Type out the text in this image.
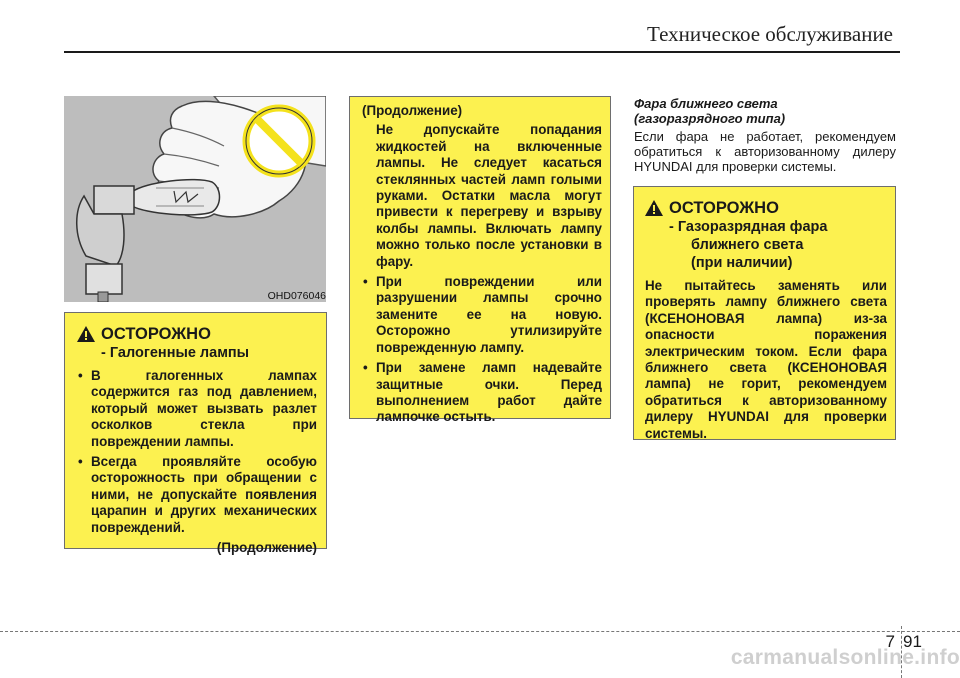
Техническое обслуживание
OHD076046
ОСТОРОЖНО
- Галогенные лампы
• В галогенных лампах содержится газ под давлением, который может вызвать разлет осколков стекла при повреждении лампы.
• Всегда проявляйте особую осторожность при обращении с ними, не допускайте появления царапин и других механических повреждений.
(Продолжение)
(Продолжение)
Не допускайте попадания жидкостей на включенные лампы. Не следует касаться стеклянных частей ламп голыми руками. Остатки масла могут привести к перегреву и взрыву колбы лампы. Включать лампу можно только после установки в фару.
• При повреждении или разрушении лампы срочно замените ее на новую. Осторожно утилизируйте поврежденную лампу.
• При замене ламп надевайте защитные очки. Перед выполнением работ дайте лампочке остыть.
Фара ближнего света
(газоразрядного типа)
Если фара не работает, рекомендуем обратиться к авторизованному дилеру HYUNDAI для проверки системы.
ОСТОРОЖНО
- Газоразрядная фара
ближнего света
(при наличии)
Не пытайтесь заменять или проверять лампу ближнего света (КСЕНОНОВАЯ лампа) из-за опасности поражения электрическим током. Если фара ближнего света (КСЕНОНОВАЯ лампа) не горит, рекомендуем обратиться к авторизованному дилеру HYUNDAI для проверки системы.
7 91
carmanualsonline.info
